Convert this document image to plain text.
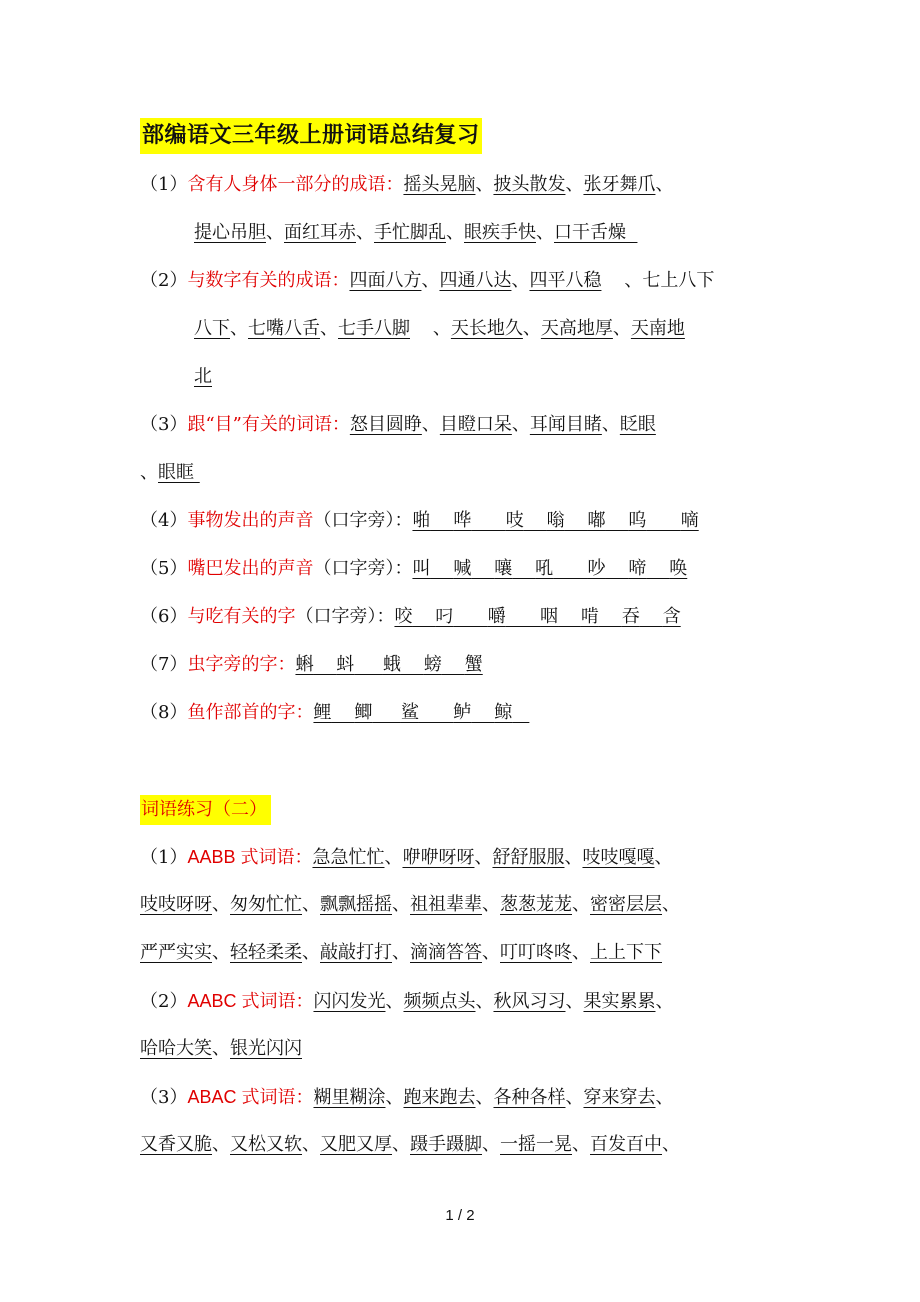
部编语文三年级上册词语总结复习
（1）含有人身体一部分的成语：摇头晃脑、披头散发、张牙舞爪、
提心吊胆、面红耳赤、手忙脚乱、眼疾手快、口干舌燥
（2）与数字有关的成语：四面八方、四通八达、四平八稳 、七上八下
八下、七嘴八舌、七手八脚 、天长地久、天高地厚、天南地
北
（3）跟“目”有关的词语：怒目圆睁、目瞪口呆、耳闻目睹、眨眼
、眼眶
（4）事物发出的声音（口字旁）：啪 哗 吱 嗡 嘟 呜 嘀
（5）嘴巴发出的声音（口字旁）：叫 喊 嚷 吼 吵 啼 唤
（6）与吃有关的字（口字旁）：咬 叼 嚼 咽 啃 吞 含
（7）虫字旁的字：蝌 蚪 蛾 螃 蟹
（8）鱼作部首的字：鲤 鲫 鲨 鲈 鲸
词语练习（二）
（1）AABB 式词语：急急忙忙、咿咿呀呀、舒舒服服、吱吱嘎嘎、
吱吱呀呀、匆匆忙忙、飘飘摇摇、祖祖辈辈、葱葱茏茏、密密层层、
严严实实、轻轻柔柔、敲敲打打、滴滴答答、叮叮咚咚、上上下下
（2）AABC 式词语：闪闪发光、频频点头、秋风习习、果实累累、
哈哈大笑、银光闪闪
（3）ABAC 式词语：糊里糊涂、跑来跑去、各种各样、穿来穿去、
又香又脆、又松又软、又肥又厚、蹑手蹑脚、一摇一晃、百发百中、
1 / 2
